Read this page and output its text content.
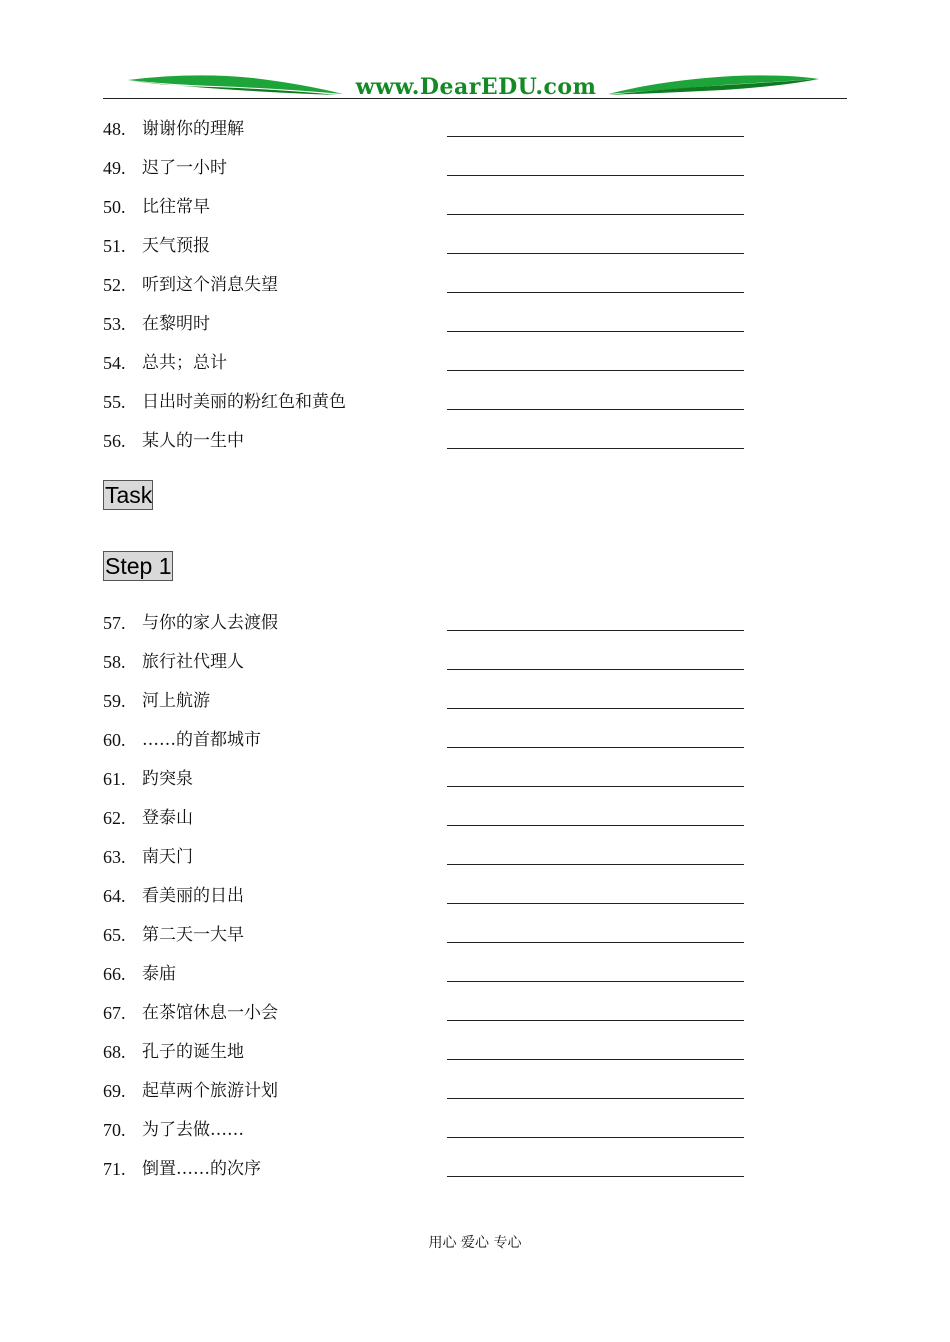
www.DearEDU.com
48. 谢谢你的理解
49. 迟了一小时
50. 比往常早
51. 天气预报
52. 听到这个消息失望
53. 在黎明时
54. 总共；总计
55. 日出时美丽的粉红色和黄色
56. 某人的一生中
Task
Step 1
57. 与你的家人去渡假
58. 旅行社代理人
59. 河上航游
60. ……的首都城市
61. 趵突泉
62. 登泰山
63. 南天门
64. 看美丽的日出
65. 第二天一大早
66. 泰庙
67. 在茶馆休息一小会
68. 孔子的诞生地
69. 起草两个旅游计划
70. 为了去做……
71. 倒置……的次序
用心 爱心 专心
